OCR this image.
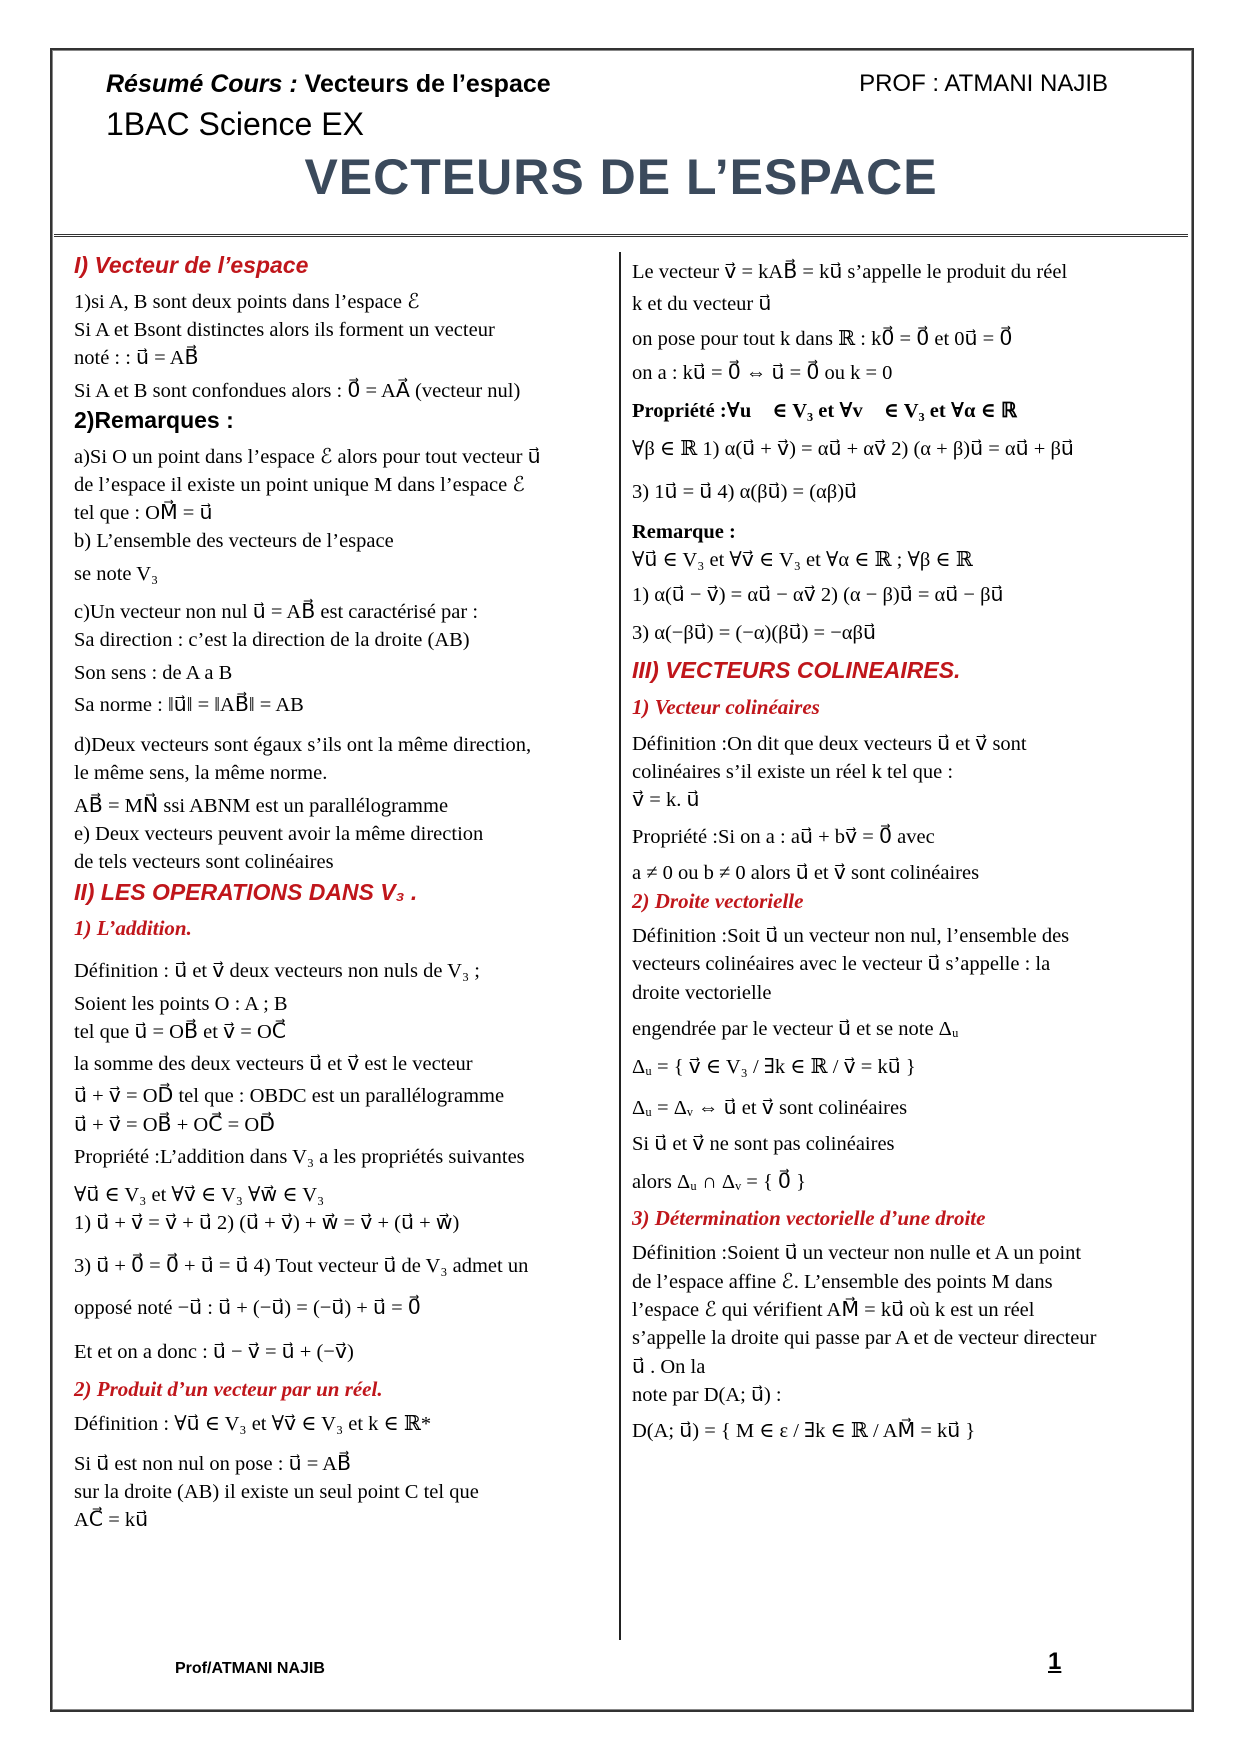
Résumé Cours : Vecteurs de l’espace	PROF : ATMANI NAJIB
1BAC Science EX
VECTEURS DE L’ESPACE

I) Vecteur de l’espace

1)si A, B sont deux points dans l’espace ℰ

Si A et Bsont distinctes alors ils forment un vecteur

noté : : u⃗ = AB⃗

Si A et B sont confondues alors : 0⃗ = AA⃗ (vecteur nul)

2)Remarques :

a)Si O un point dans l’espace ℰ alors pour tout vecteur u⃗

de l’espace il existe un point unique M dans l’espace ℰ

tel que : OM⃗ = u⃗

b) L’ensemble des vecteurs de l’espace

se note V₃

c)Un vecteur non nul u⃗ = AB⃗ est caractérisé par :

Sa direction : c’est la direction de la droite (AB)

Son sens : de A a B

Sa norme : ‖u⃗‖ = ‖AB⃗‖ = AB

d)Deux vecteurs sont égaux s’ils ont la même direction,

le même sens, la même norme.

AB⃗ = MN⃗ ssi ABNM est un parallélogramme

e) Deux vecteurs peuvent avoir la même direction

de tels vecteurs sont colinéaires

II) LES OPERATIONS DANS V₃ .

1) L’addition.

Définition : u⃗ et v⃗ deux vecteurs non nuls de V₃ ;

Soient les points O : A ; B

tel que u⃗ = OB⃗ et v⃗ = OC⃗

la somme des deux vecteurs u⃗ et v⃗ est le vecteur

u⃗ + v⃗ = OD⃗ tel que : OBDC est un parallélogramme

u⃗ + v⃗ = OB⃗ + OC⃗ = OD⃗

Propriété :L’addition dans V₃ a les propriétés suivantes

∀u⃗ ∈ V₃ et ∀v⃗ ∈ V₃ ∀w⃗ ∈ V₃

1) u⃗ + v⃗ = v⃗ + u⃗ 2) (u⃗ + v⃗) + w⃗ = v⃗ + (u⃗ + w⃗)

3) u⃗ + 0⃗ = 0⃗ + u⃗ = u⃗ 4) Tout vecteur u⃗ de V₃ admet un

opposé noté −u⃗ : u⃗ + (−u⃗) = (−u⃗) + u⃗ = 0⃗

Et et on a donc : u⃗ − v⃗ = u⃗ + (−v⃗)

2) Produit d’un vecteur par un réel.

Définition : ∀u⃗ ∈ V₃ et ∀v⃗ ∈ V₃ et k ∈ ℝ*

Si u⃗ est non nul on pose : u⃗ = AB⃗

sur la droite (AB) il existe un seul point C tel que

AC⃗ = ku⃗

Le vecteur v⃗ = kAB⃗ = ku⃗ s’appelle le produit du réel

k et du vecteur u⃗

on pose pour tout k dans ℝ : k0⃗ = 0⃗ et 0u⃗ = 0⃗

on a : ku⃗ = 0⃗ ⇔ u⃗ = 0⃗ ou k = 0

Propriété :∀u⃗ ∈ V₃ et ∀v⃗ ∈ V₃ et ∀α ∈ ℝ

∀β ∈ ℝ 1) α(u⃗ + v⃗) = αu⃗ + αv⃗ 2) (α + β)u⃗ = αu⃗ + βu⃗

3) 1u⃗ = u⃗ 4) α(βu⃗) = (αβ)u⃗

Remarque :

∀u⃗ ∈ V₃ et ∀v⃗ ∈ V₃ et ∀α ∈ ℝ ; ∀β ∈ ℝ

1) α(u⃗ − v⃗) = αu⃗ − αv⃗ 2) (α − β)u⃗ = αu⃗ − βu⃗

3) α(−βu⃗) = (−α)(βu⃗) = −αβu⃗

III) VECTEURS COLINEAIRES.

1) Vecteur colinéaires

Définition :On dit que deux vecteurs u⃗ et v⃗ sont

colinéaires s’il existe un réel k tel que :

v⃗ = k. u⃗

Propriété :Si on a : au⃗ + bv⃗ = 0⃗ avec

a ≠ 0 ou b ≠ 0 alors u⃗ et v⃗ sont colinéaires

2) Droite vectorielle

Définition :Soit u⃗ un vecteur non nul, l’ensemble des

vecteurs colinéaires avec le vecteur u⃗ s’appelle : la

droite vectorielle

engendrée par le vecteur u⃗ et se note Δᵤ

Δᵤ = { v⃗ ∈ V₃ / ∃k ∈ ℝ / v⃗ = ku⃗ }

Δᵤ = Δᵥ ⇔ u⃗ et v⃗ sont colinéaires

Si u⃗ et v⃗ ne sont pas colinéaires

alors Δᵤ ∩ Δᵥ = { 0⃗ }

3) Détermination vectorielle d’une droite

Définition :Soient u⃗ un vecteur non nulle et A un point

de l’espace affine ℰ. L’ensemble des points M dans

l’espace ℰ qui vérifient AM⃗ = ku⃗ où k est un réel

s’appelle la droite qui passe par A et de vecteur directeur

u⃗ . On la

note par D(A; u⃗) :

D(A; u⃗) = { M ∈ ε / ∃k ∈ ℝ / AM⃗ = ku⃗ }

Prof/ATMANI NAJIB	1
